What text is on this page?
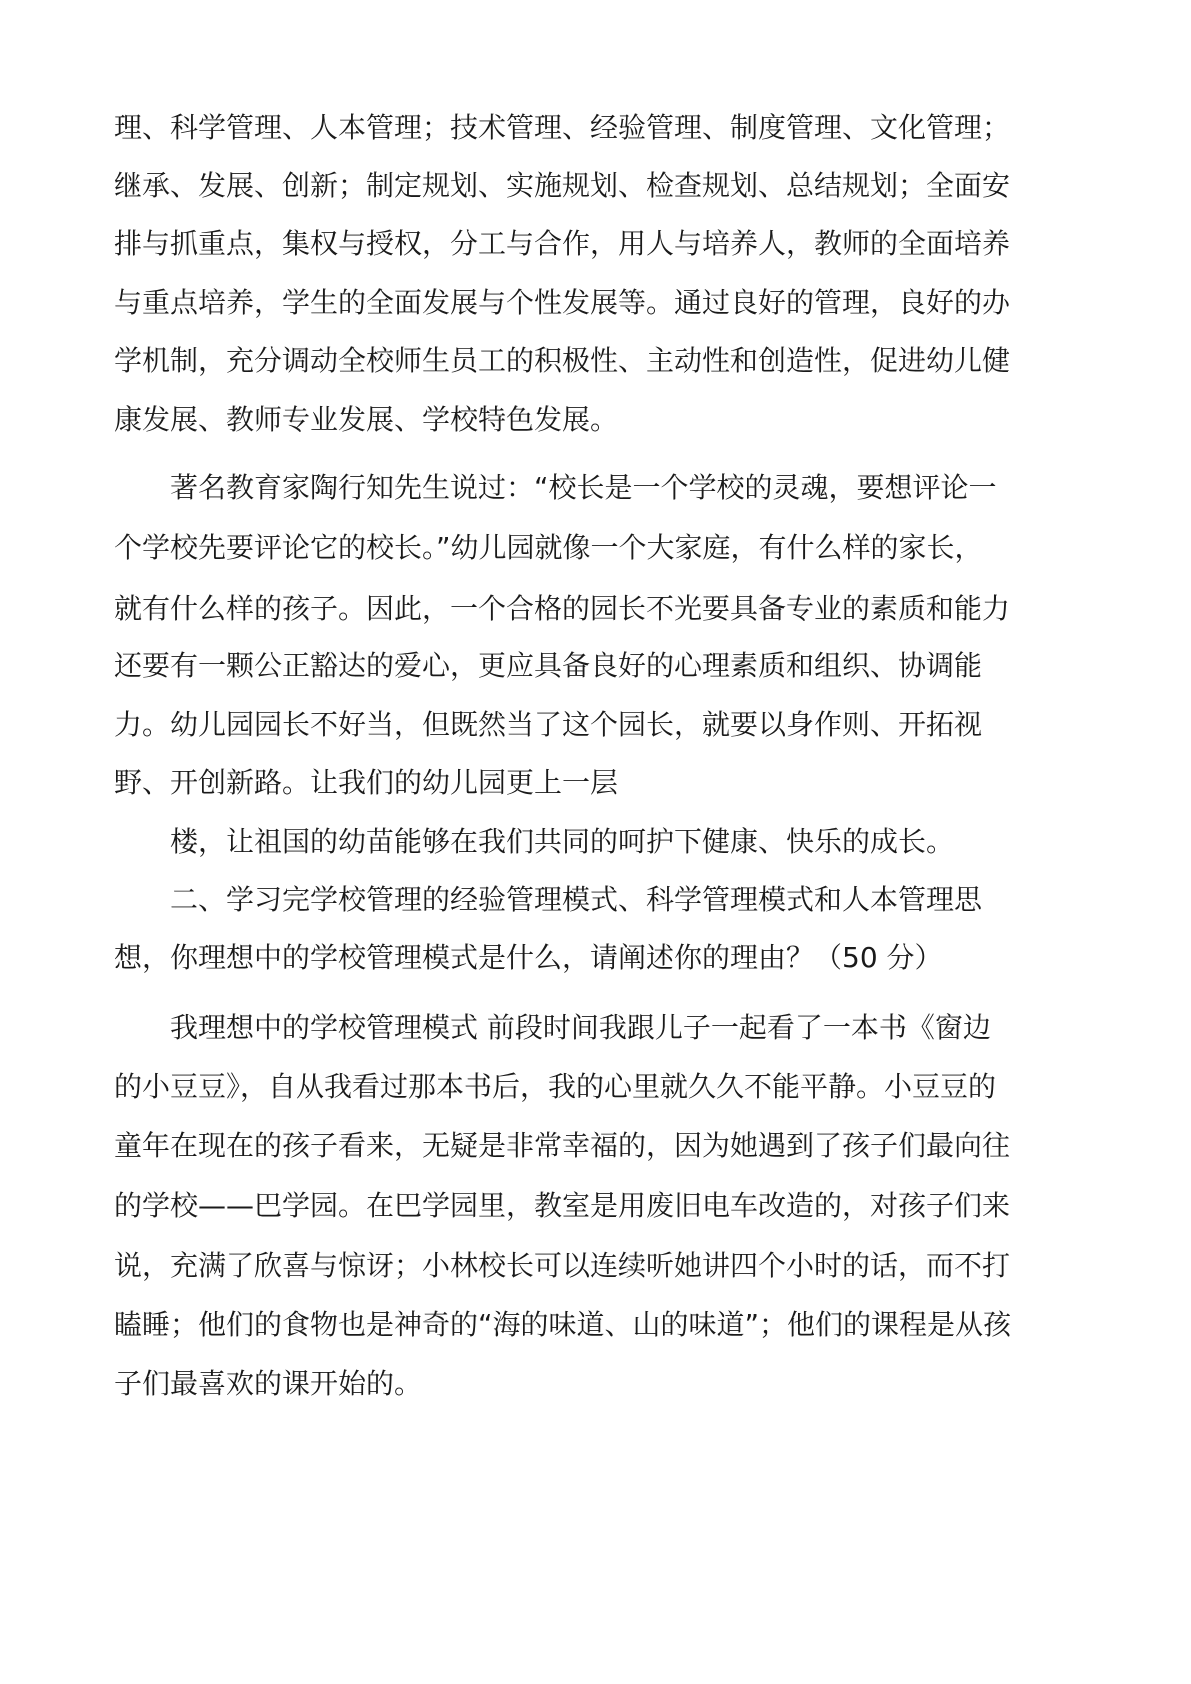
理、科学管理、人本管理；技术管理、经验管理、制度管理、文化管理；
继承、发展、创新；制定规划、实施规划、检查规划、总结规划；全面安
排与抓重点，集权与授权，分工与合作，用人与培养人，教师的全面培养
与重点培养，学生的全面发展与个性发展等。通过良好的管理，良好的办
学机制，充分调动全校师生员工的积极性、主动性和创造性，促进幼儿健
康发展、教师专业发展、学校特色发展。
著名教育家陶行知先生说过：“校长是一个学校的灵魂，要想评论一
个学校先要评论它的校长。”幼儿园就像一个大家庭，有什么样的家长，
就有什么样的孩子。因此，一个合格的园长不光要具备专业的素质和能力
还要有一颗公正豁达的爱心，更应具备良好的心理素质和组织、协调能
力。幼儿园园长不好当，但既然当了这个园长，就要以身作则、开拓视
野、开创新路。让我们的幼儿园更上一层
楼，让祖国的幼苗能够在我们共同的呵护下健康、快乐的成长。
二、学习完学校管理的经验管理模式、科学管理模式和人本管理思
想，你理想中的学校管理模式是什么，请阐述你的理由？（50 分）
我理想中的学校管理模式 前段时间我跟儿子一起看了一本书《窗边
的小豆豆》，自从我看过那本书后，我的心里就久久不能平静。小豆豆的
童年在现在的孩子看来，无疑是非常幸福的，因为她遇到了孩子们最向往
的学校——巴学园。在巴学园里，教室是用废旧电车改造的，对孩子们来
说，充满了欣喜与惊讶；小林校长可以连续听她讲四个小时的话，而不打
瞌睡；他们的食物也是神奇的“海的味道、山的味道”；他们的课程是从孩
子们最喜欢的课开始的。
